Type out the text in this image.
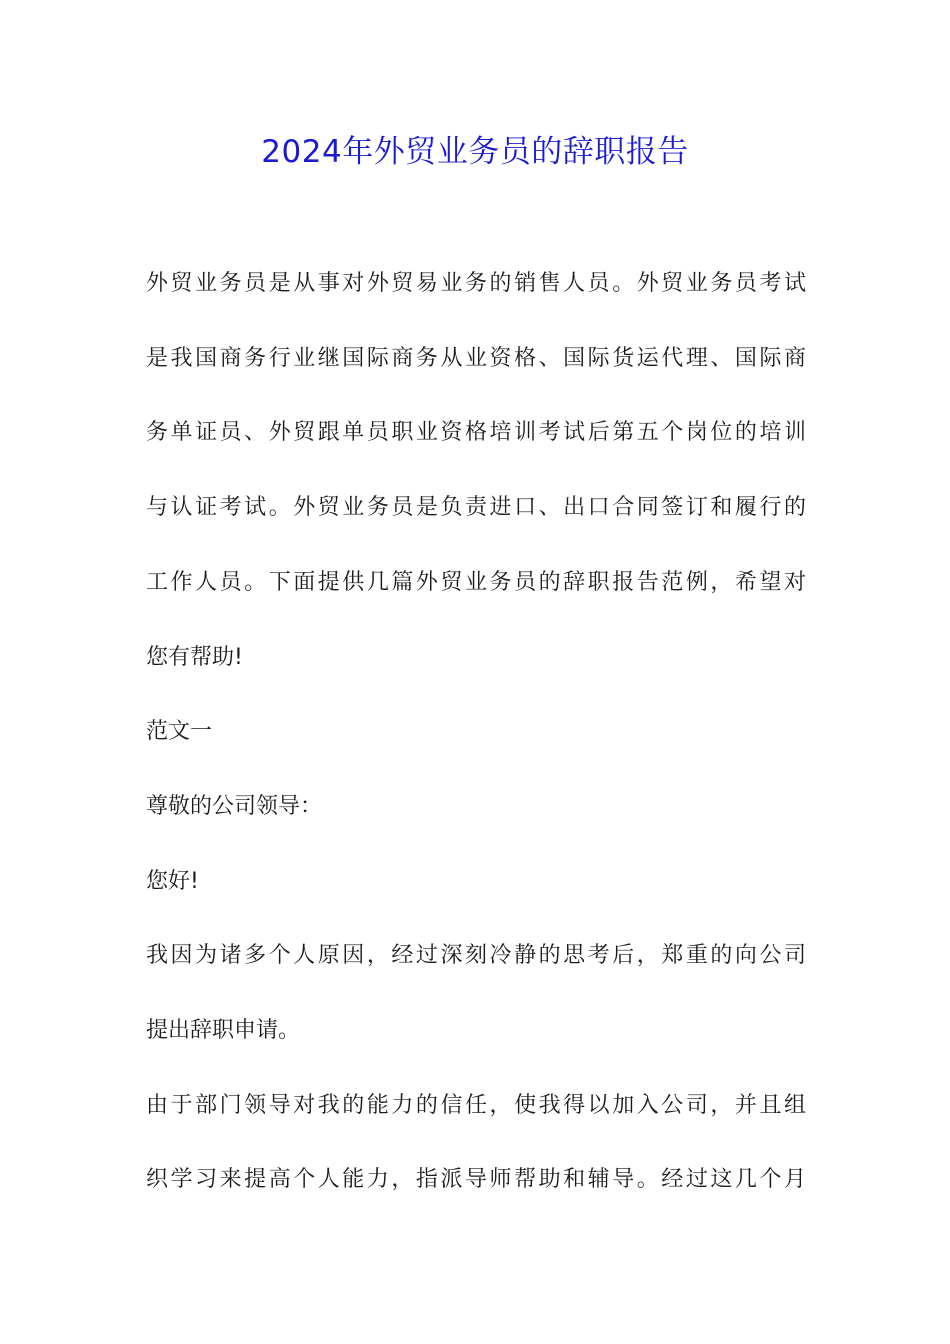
2024年外贸业务员的辞职报告
外贸业务员是从事对外贸易业务的销售人员。外贸业务员考试
是我国商务行业继国际商务从业资格、国际货运代理、国际商
务单证员、外贸跟单员职业资格培训考试后第五个岗位的培训
与认证考试。外贸业务员是负责进口、出口合同签订和履行的
工作人员。下面提供几篇外贸业务员的辞职报告范例，希望对
您有帮助!
范文一
尊敬的公司领导：
您好!
我因为诸多个人原因，经过深刻冷静的思考后，郑重的向公司
提出辞职申请。
由于部门领导对我的能力的信任，使我得以加入公司，并且组
织学习来提高个人能力，指派导师帮助和辅导。经过这几个月
